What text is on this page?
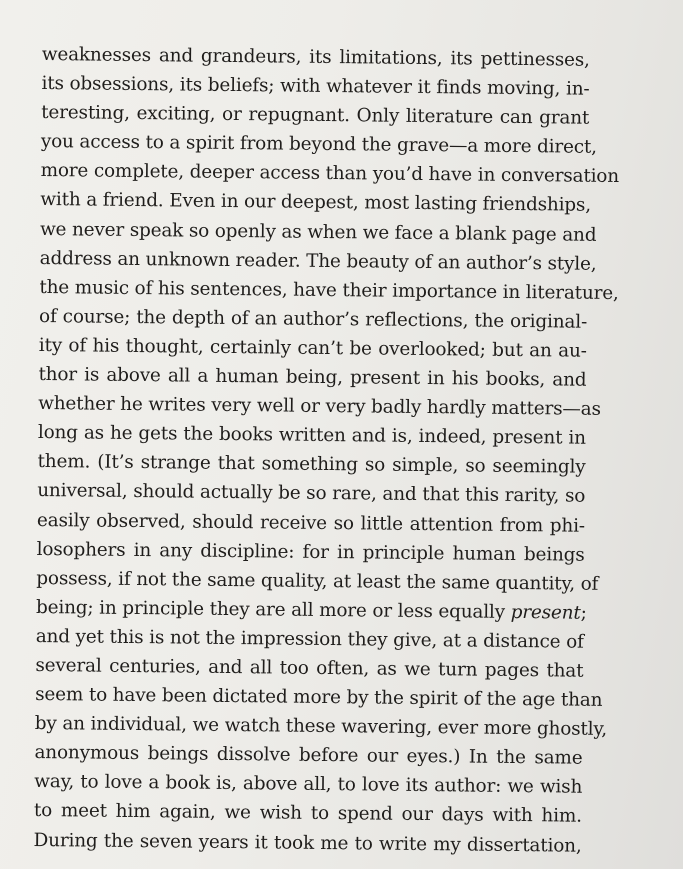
weaknesses and grandeurs, its limitations, its pettinesses,
its obsessions, its beliefs; with whatever it finds moving, in-
teresting, exciting, or repugnant. Only literature can grant
you access to a spirit from beyond the grave—a more direct,
more complete, deeper access than you’d have in conversation
with a friend. Even in our deepest, most lasting friendships,
we never speak so openly as when we face a blank page and
address an unknown reader. The beauty of an author’s style,
the music of his sentences, have their importance in literature,
of course; the depth of an author’s reflections, the original-
ity of his thought, certainly can’t be overlooked; but an au-
thor is above all a human being, present in his books, and
whether he writes very well or very badly hardly matters—as
long as he gets the books written and is, indeed, present in
them. (It’s strange that something so simple, so seemingly
universal, should actually be so rare, and that this rarity, so
easily observed, should receive so little attention from phi-
losophers in any discipline: for in principle human beings
possess, if not the same quality, at least the same quantity, of
being; in principle they are all more or less equally present;
and yet this is not the impression they give, at a distance of
several centuries, and all too often, as we turn pages that
seem to have been dictated more by the spirit of the age than
by an individual, we watch these wavering, ever more ghostly,
anonymous beings dissolve before our eyes.) In the same
way, to love a book is, above all, to love its author: we wish
to meet him again, we wish to spend our days with him.
During the seven years it took me to write my dissertation,
